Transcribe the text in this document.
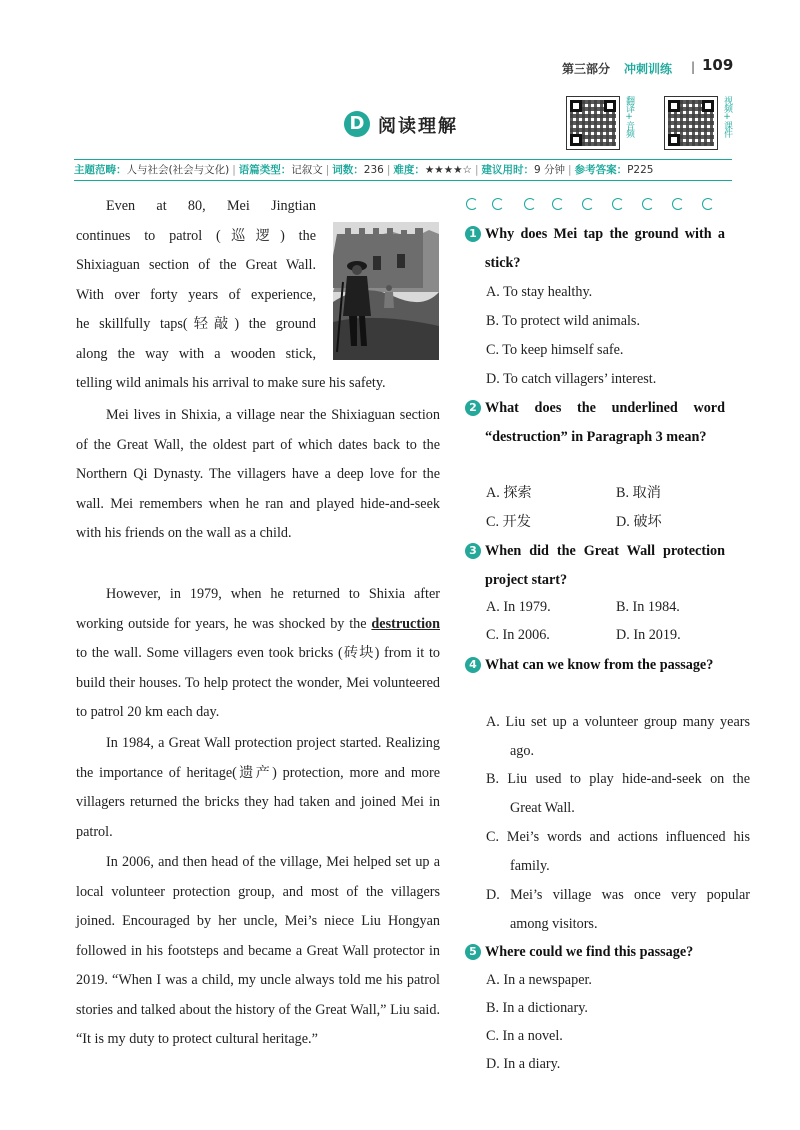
第三部分 冲刺训练 | 109
D 阅读理解	翻译+音频	视频+课件
主题范畴：人与社会(社会与文化) | 语篇类型：记叙文 | 词数：236 | 难度：★★★★☆ | 建议用时：9 分钟 | 参考答案：P225
Even at 80, Mei Jingtian
continues to patrol (巡逻) the
Shixiaguan section of the Great Wall.
With over forty years of experience,
he skillfully taps(轻敲) the ground
along the way with a wooden stick,
telling wild animals his arrival to make sure his safety.
Mei lives in Shixia, a village near the Shixiaguan section of the Great Wall, the oldest part of which dates back to the Northern Qi Dynasty. The villagers have a deep love for the wall. Mei remembers when he ran and played hide-and-seek with his friends on the wall as a child.
However, in 1979, when he returned to Shixia after working outside for years, he was shocked by the destruction to the wall. Some villagers even took bricks (砖块) from it to build their houses. To help protect the wonder, Mei volunteered to patrol 20 km each day.
In 1984, a Great Wall protection project started. Realizing the importance of heritage(遗产) protection, more and more villagers returned the bricks they had taken and joined Mei in patrol.
In 2006, and then head of the village, Mei helped set up a local volunteer protection group, and most of the villagers joined. Encouraged by her uncle, Mei’s niece Liu Hongyan followed in his footsteps and became a Great Wall protector in 2019. “When I was a child, my uncle always told me his patrol stories and talked about the history of the Great Wall,” Liu said. “It is my duty to protect cultural heritage.”
1 Why does Mei tap the ground with a stick?
A. To stay healthy.
B. To protect wild animals.
C. To keep himself safe.
D. To catch villagers’ interest.
2 What does the underlined word “destruction” in Paragraph 3 mean?
A. 探索	B. 取消
C. 开发	D. 破坏
3 When did the Great Wall protection project start?
A. In 1979.	B. In 1984.
C. In 2006.	D. In 2019.
4 What can we know from the passage?
A. Liu set up a volunteer group many years ago.
B. Liu used to play hide-and-seek on the Great Wall.
C. Mei’s words and actions influenced his family.
D. Mei’s village was once very popular among visitors.
5 Where could we find this passage?
A. In a newspaper.
B. In a dictionary.
C. In a novel.
D. In a diary.
